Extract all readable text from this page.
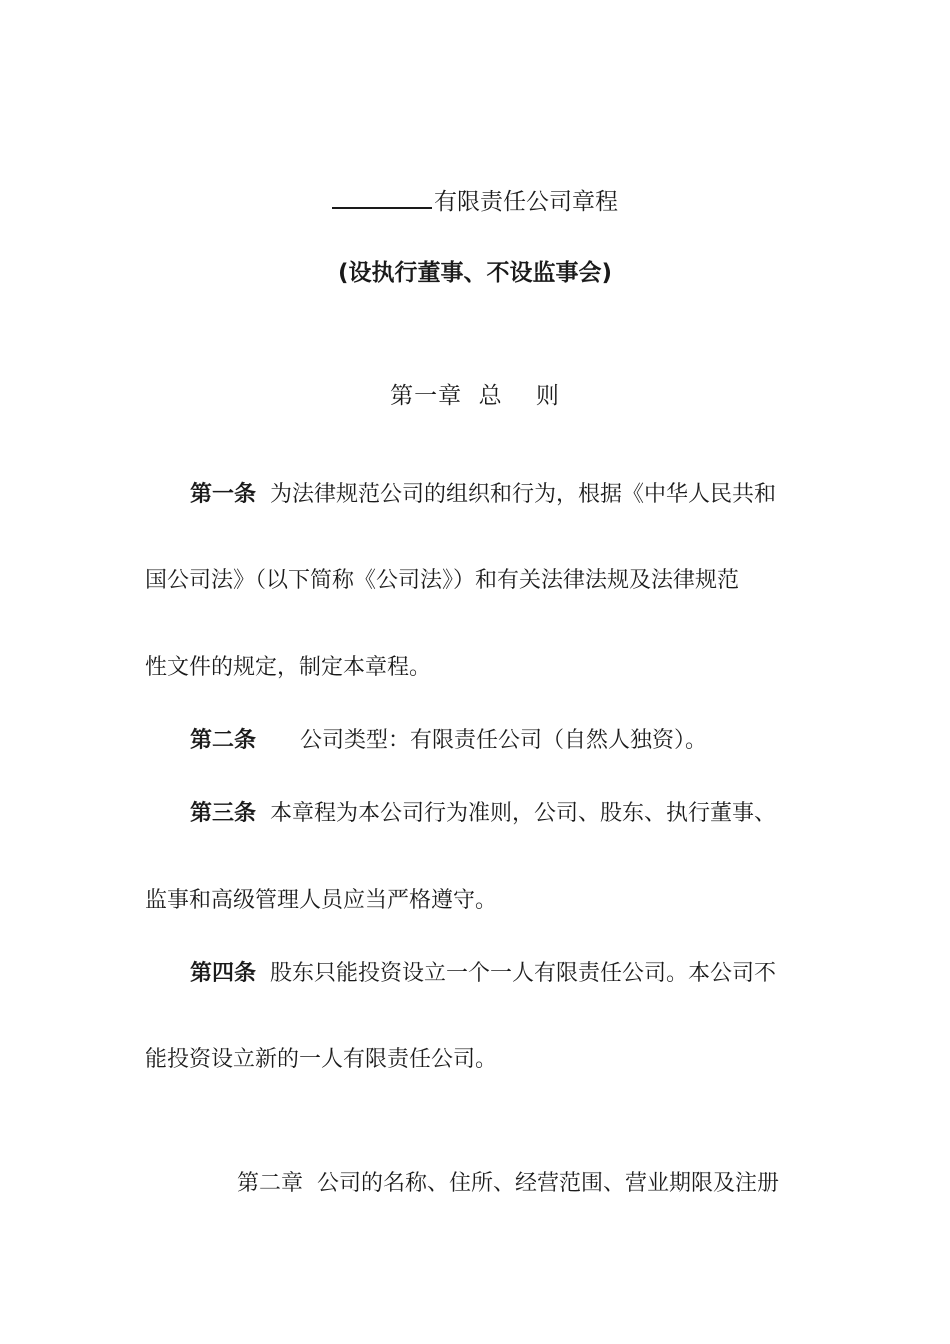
有限责任公司章程
(设执行董事、不设监事会)
第一章  总    则
第一条 为法律规范公司的组织和行为，根据《中华人民共和
国公司法》（以下简称《公司法》）和有关法律法规及法律规范
性文件的规定，制定本章程。
第二条 公司类型：有限责任公司（自然人独资）。
第三条 本章程为本公司行为准则，公司、股东、执行董事、
监事和高级管理人员应当严格遵守。
第四条 股东只能投资设立一个一人有限责任公司。本公司不
能投资设立新的一人有限责任公司。
第二章 公司的名称、住所、经营范围、营业期限及注册
